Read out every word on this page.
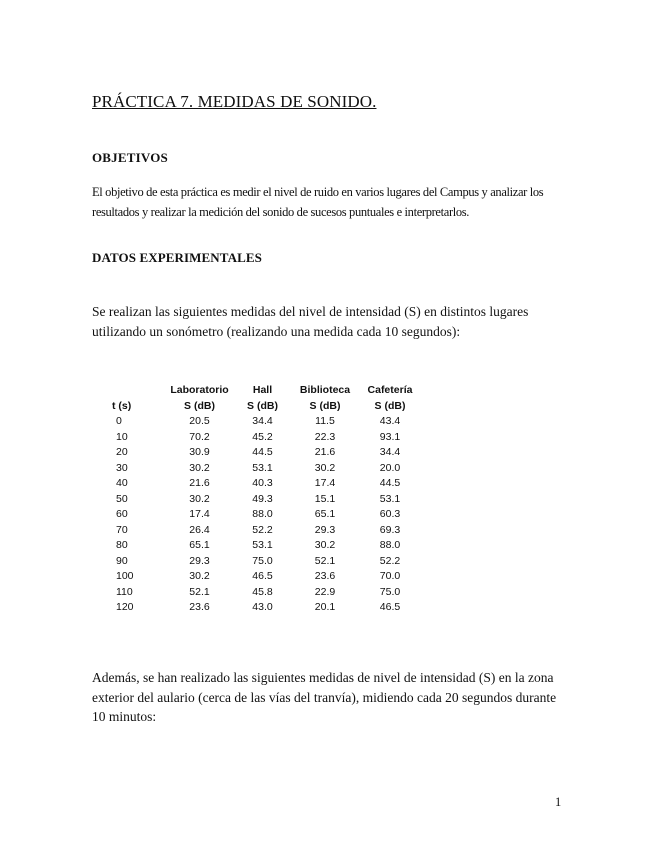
PRÁCTICA 7. MEDIDAS DE SONIDO.
OBJETIVOS
El objetivo de esta práctica es medir el nivel de ruido en varios lugares del Campus y analizar los resultados y realizar la medición del sonido de sucesos puntuales e interpretarlos.
DATOS EXPERIMENTALES
Se realizan las siguientes medidas del nivel de intensidad (S) en distintos lugares utilizando un sonómetro (realizando una medida cada 10 segundos):
	Laboratorio	Hall	Biblioteca	Cafetería
t (s)	S (dB)	S (dB)	S (dB)	S (dB)
0	20.5	34.4	11.5	43.4
10	70.2	45.2	22.3	93.1
20	30.9	44.5	21.6	34.4
30	30.2	53.1	30.2	20.0
40	21.6	40.3	17.4	44.5
50	30.2	49.3	15.1	53.1
60	17.4	88.0	65.1	60.3
70	26.4	52.2	29.3	69.3
80	65.1	53.1	30.2	88.0
90	29.3	75.0	52.1	52.2
100	30.2	46.5	23.6	70.0
110	52.1	45.8	22.9	75.0
120	23.6	43.0	20.1	46.5
Además, se han realizado las siguientes medidas de nivel de intensidad (S) en la zona exterior del aulario (cerca de las vías del tranvía), midiendo cada 20 segundos durante 10 minutos:
1
